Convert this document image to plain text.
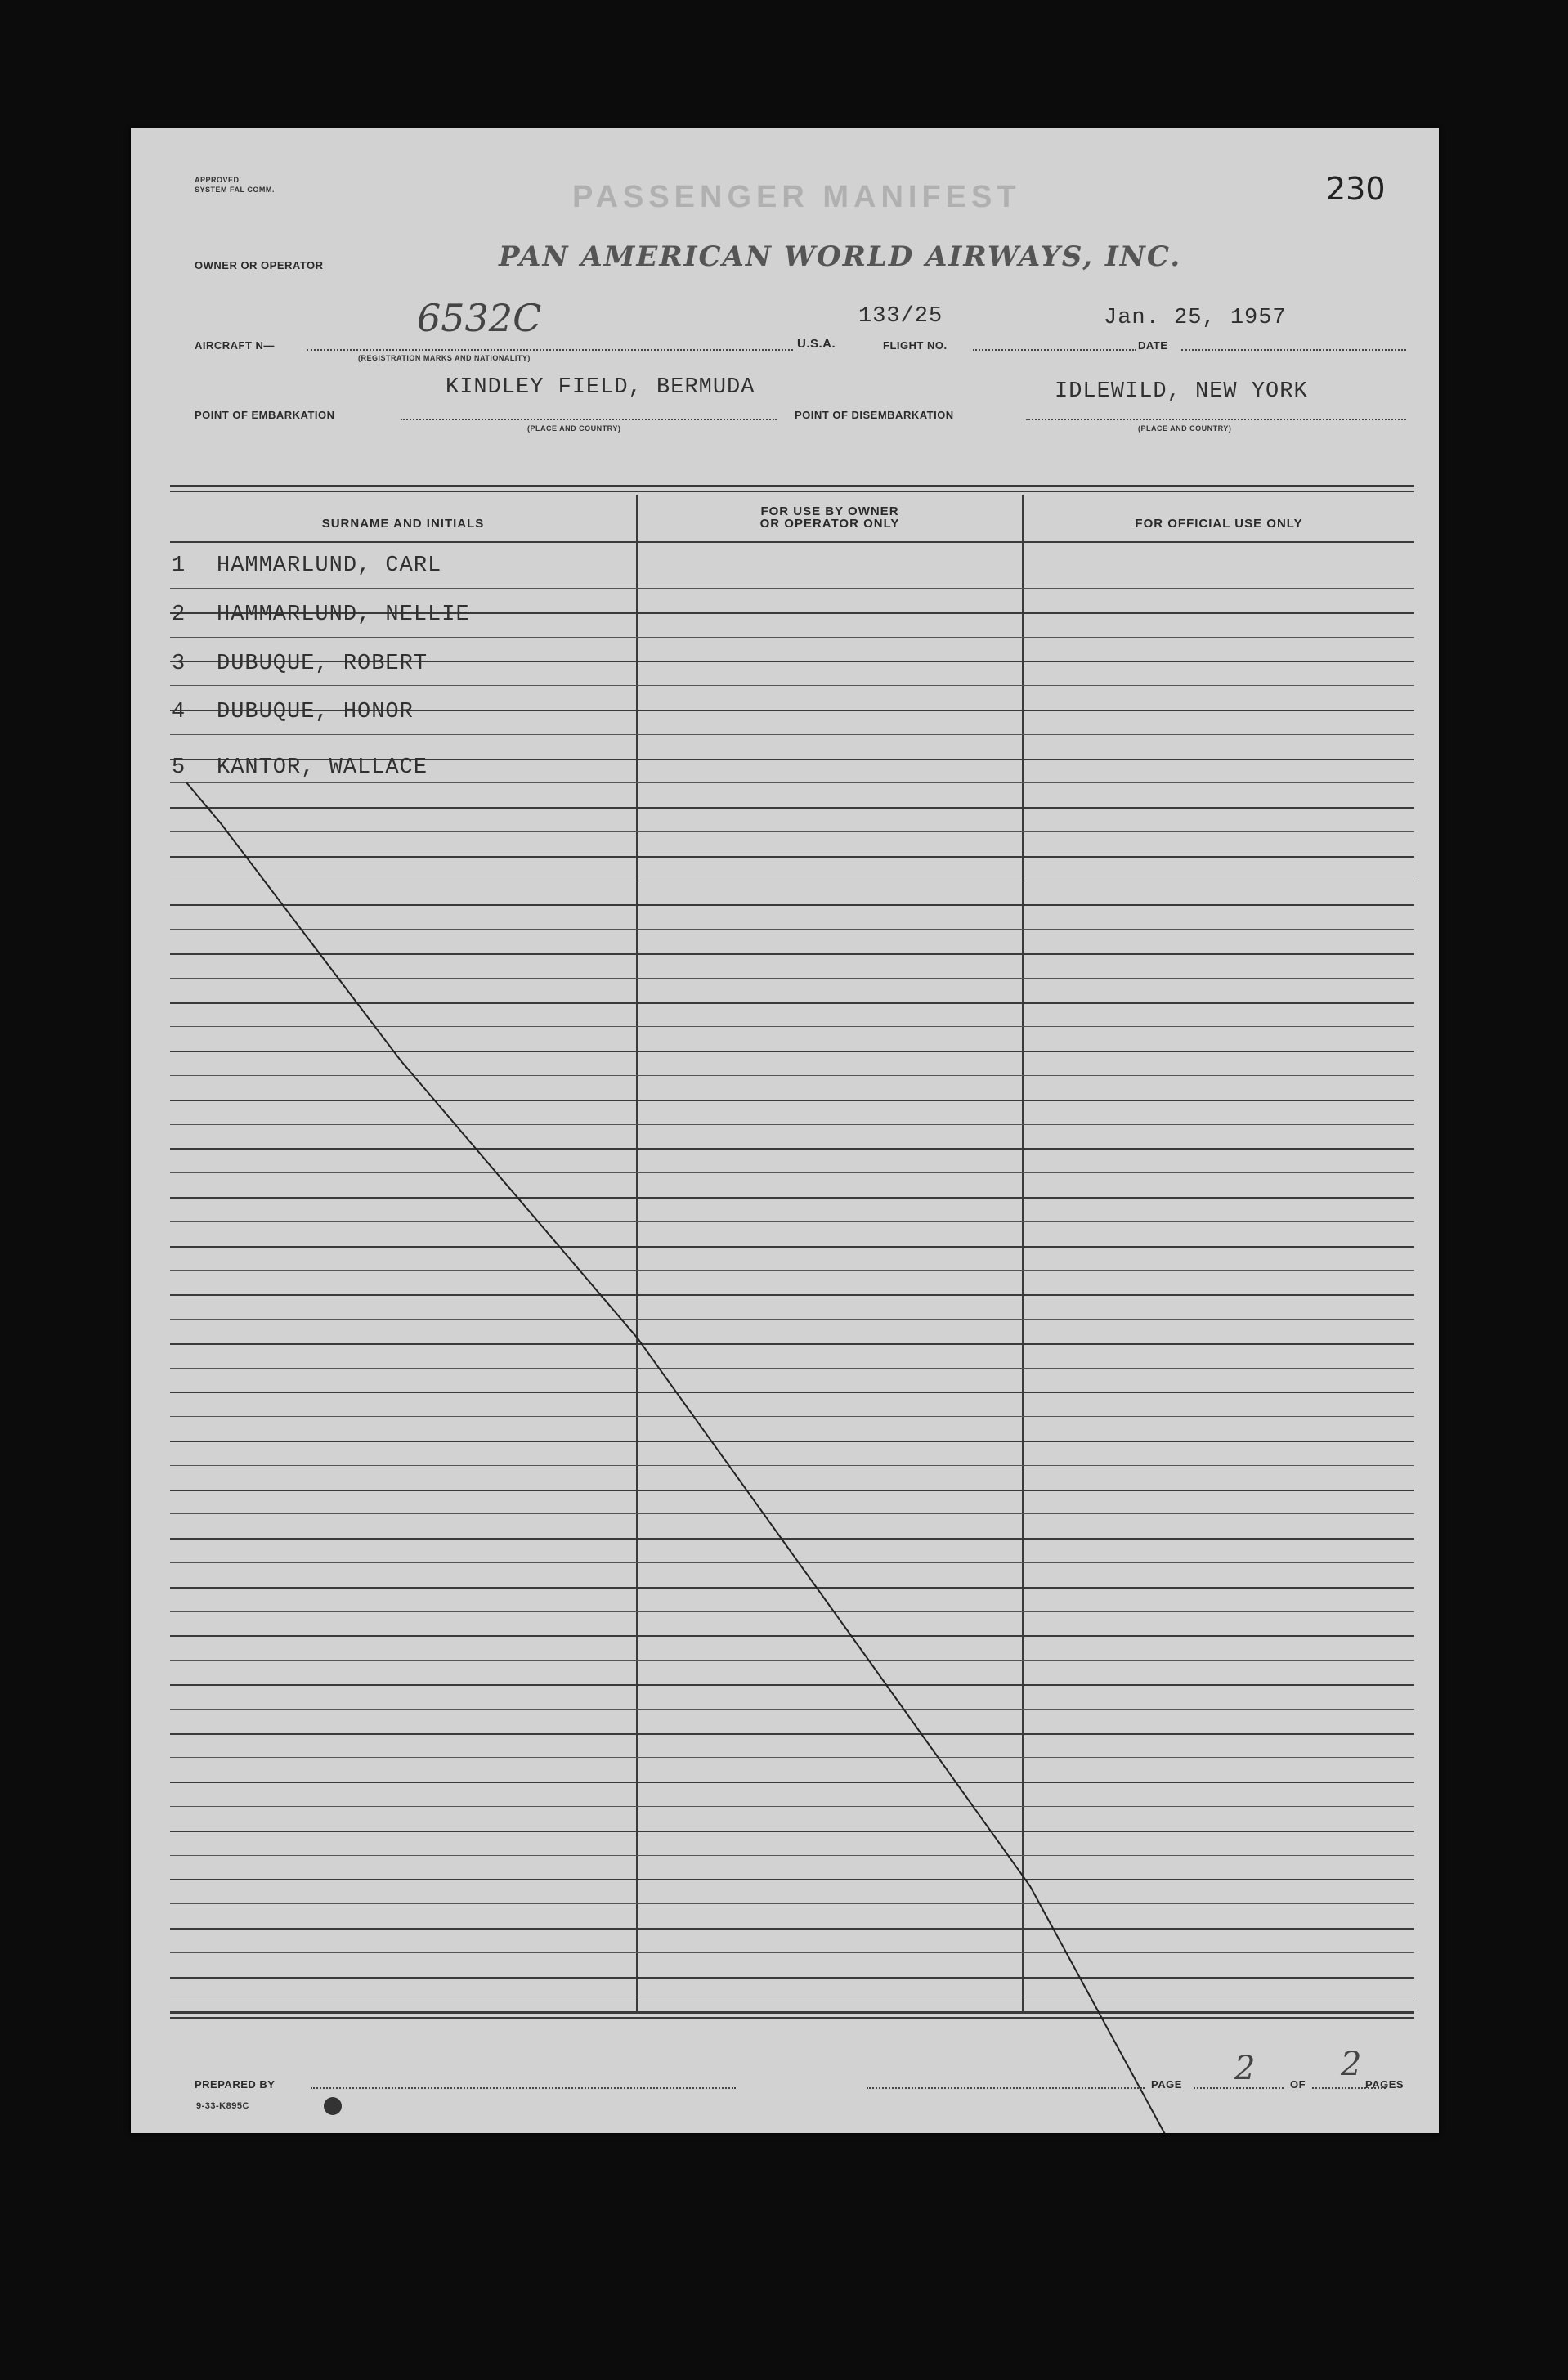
APPROVED
SYSTEM FAL COMM.	PASSENGER MANIFEST	230
OWNER OR OPERATOR	PAN AMERICAN WORLD AIRWAYS, INC.
AIRCRAFT N—
6532C
(REGISTRATION MARKS AND NATIONALITY)
U.S.A.	FLIGHT NO.
133/25
DATE
Jan. 25, 1957
POINT OF EMBARKATION
KINDLEY FIELD, BERMUDA
(PLACE AND COUNTRY)
POINT OF DISEMBARKATION
IDLEWILD, NEW YORK
(PLACE AND COUNTRY)
SURNAME AND INITIALS
FOR USE BY OWNER
OR OPERATOR ONLY	FOR OFFICIAL USE ONLY
1 HAMMARLUND, CARL
2 HAMMARLUND, NELLIE
3 DUBUQUE, ROBERT
4 DUBUQUE, HONOR
5 KANTOR, WALLACE
PREPARED BY
9-33-K895C
PAGE 2	OF
2
PAGES
